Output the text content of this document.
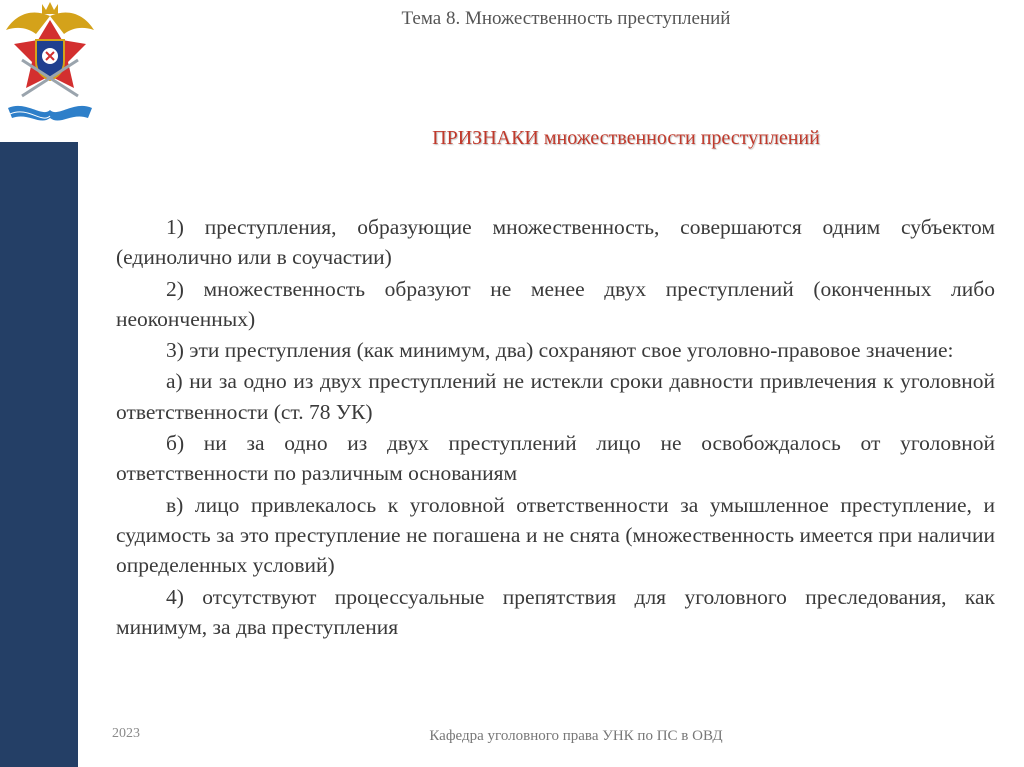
Тема 8. Множественность преступлений
ПРИЗНАКИ множественности преступлений

1) преступления, образующие множественность, совершаются одним субъектом (единолично или в соучастии)

2) множественность образуют не менее двух преступлений (оконченных либо неоконченных)

3) эти преступления (как минимум, два) сохраняют свое уголовно-правовое значение:

а) ни за одно из двух преступлений не истекли сроки давности привлечения к уголовной ответственности (ст. 78 УК)

б) ни за одно из двух преступлений лицо не освобождалось от уголовной ответственности по различным основаниям

в) лицо привлекалось к уголовной ответственности за умышленное преступление, и судимость за это преступление не погашена и не снята (множественность имеется при наличии определенных условий)

4) отсутствуют процессуальные препятствия для уголовного преследования, как минимум, за два преступления

2023	Кафедра уголовного права УНК по ПС в ОВД
